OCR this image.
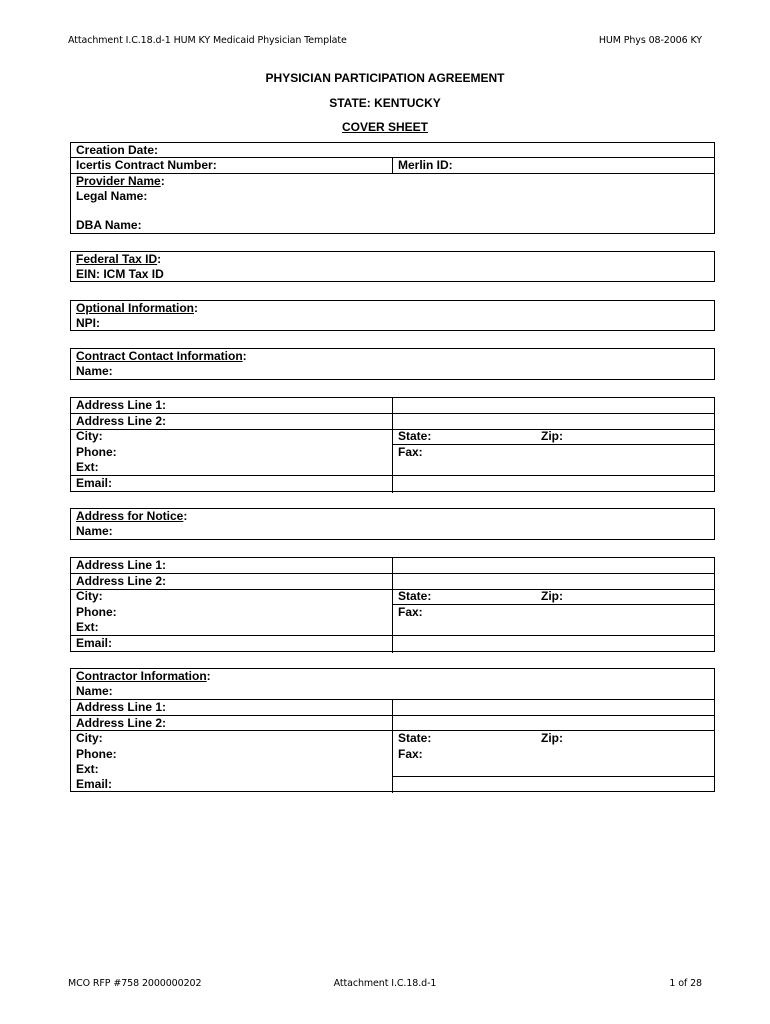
Attachment I.C.18.d-1 HUM KY Medicaid Physician Template	HUM Phys 08-2006 KY
PHYSICIAN PARTICIPATION AGREEMENT
STATE: KENTUCKY
COVER SHEET
Creation Date:
Icertis Contract Number:	Merlin ID:
Provider Name:
Legal Name:
DBA Name:
Federal Tax ID:
EIN: ICM Tax ID
Optional Information:
NPI:
Contract Contact Information:
Name:
Address Line 1:
Address Line 2:
City:	State:	Zip:
Phone:	Fax:
Ext:
Email:
Address for Notice:
Name:
Address Line 1:
Address Line 2:
City:	State:	Zip:
Phone:	Fax:
Ext:
Email:
Contractor Information:
Name:
Address Line 1:
Address Line 2:
City:	State:	Zip:
Phone:	Fax:
Ext:
Email:
MCO RFP #758 2000000202	Attachment I.C.18.d-1	1 of 28
